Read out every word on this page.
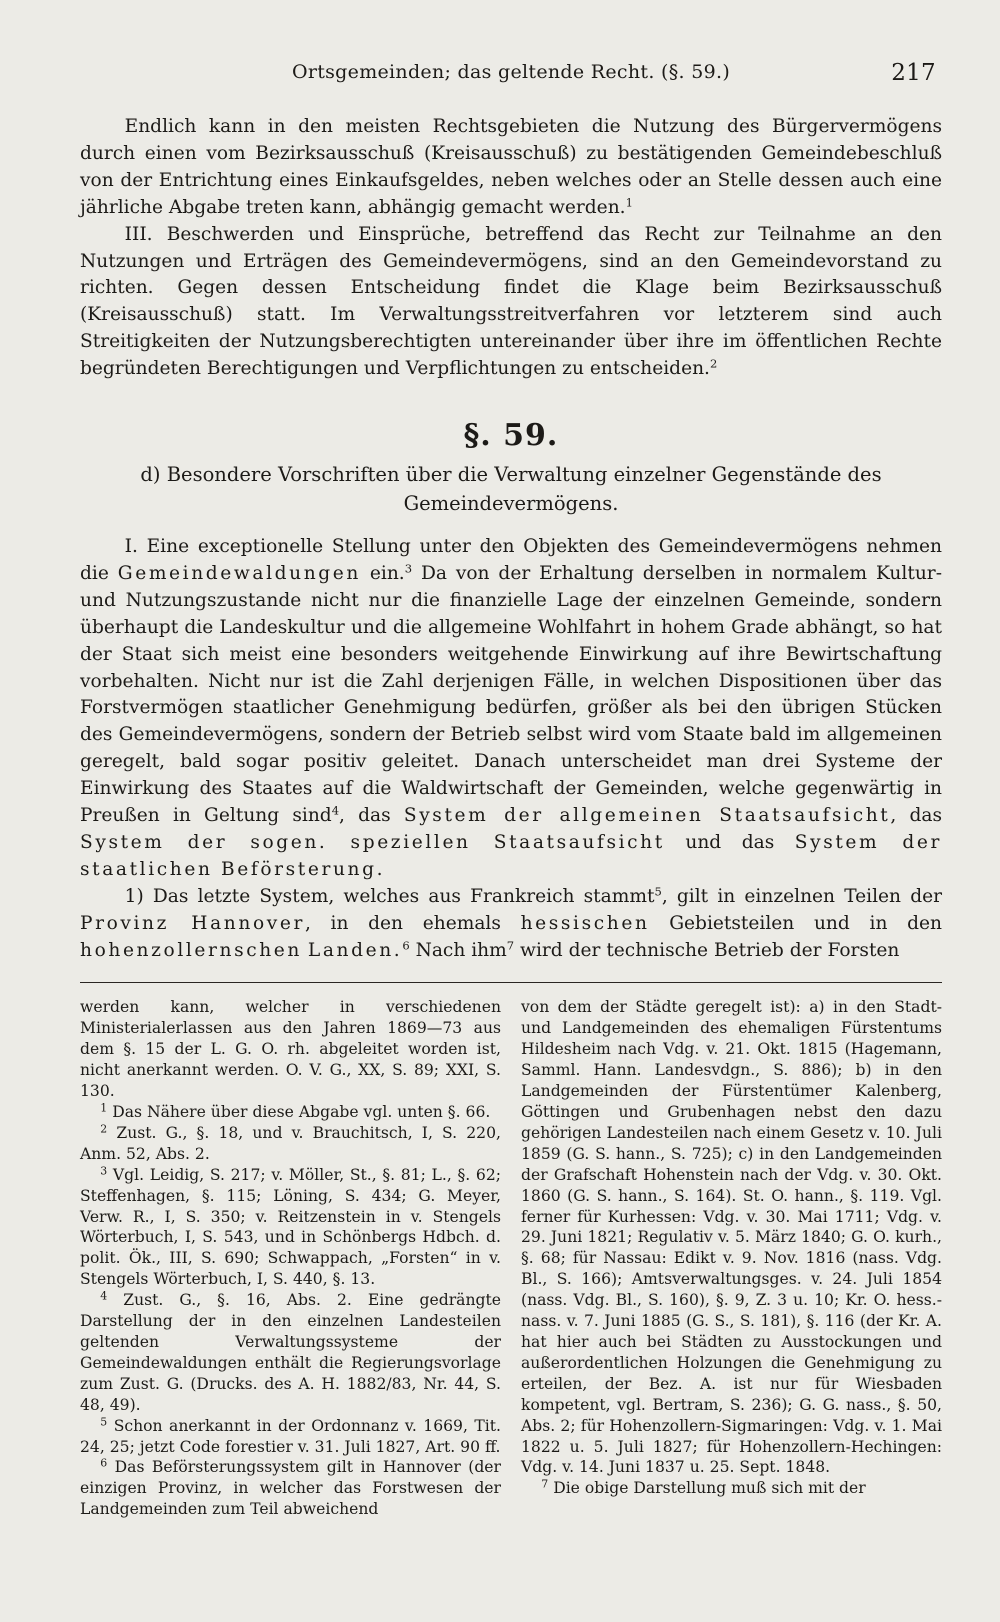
Ortsgemeinden; das geltende Recht. (§. 59.)	217

Endlich kann in den meisten Rechtsgebieten die Nutzung des Bürgervermögens durch einen vom Bezirksausschuß (Kreisausschuß) zu bestätigenden Gemeindebeschluß von der Entrichtung eines Einkaufsgeldes, neben welches oder an Stelle dessen auch eine jährliche Abgabe treten kann, abhängig gemacht werden.$^1$

III. Beschwerden und Einsprüche, betreffend das Recht zur Teilnahme an den Nutzungen und Erträgen des Gemeindevermögens, sind an den Gemeindevorstand zu richten. Gegen dessen Entscheidung findet die Klage beim Bezirksausschuß (Kreisausschuß) statt. Im Verwaltungsstreitverfahren vor letzterem sind auch Streitigkeiten der Nutzungsberechtigten untereinander über ihre im öffentlichen Rechte begründeten Berechtigungen und Verpflichtungen zu entscheiden.$^2$

§. 59.
d) Besondere Vorschriften über die Verwaltung einzelner Gegenstände des Gemeindevermögens.

I. Eine exceptionelle Stellung unter den Objekten des Gemeindevermögens nehmen die Gemeindewaldungen ein.$^3$ Da von der Erhaltung derselben in normalem Kultur- und Nutzungszustande nicht nur die finanzielle Lage der einzelnen Gemeinde, sondern überhaupt die Landeskultur und die allgemeine Wohlfahrt in hohem Grade abhängt, so hat der Staat sich meist eine besonders weitgehende Einwirkung auf ihre Bewirtschaftung vorbehalten. Nicht nur ist die Zahl derjenigen Fälle, in welchen Dispositionen über das Forstvermögen staatlicher Genehmigung bedürfen, größer als bei den übrigen Stücken des Gemeindevermögens, sondern der Betrieb selbst wird vom Staate bald im allgemeinen geregelt, bald sogar positiv geleitet. Danach unterscheidet man drei Systeme der Einwirkung des Staates auf die Waldwirtschaft der Gemeinden, welche gegenwärtig in Preußen in Geltung sind$^4$, das System der allgemeinen Staatsaufsicht, das System der sogen. speziellen Staatsaufsicht und das System der staatlichen Beförsterung.

1) Das letzte System, welches aus Frankreich stammt$^5$, gilt in einzelnen Teilen der Provinz Hannover, in den ehemals hessischen Gebietsteilen und in den hohenzollernschen Landen.$^6$ Nach ihm$^7$ wird der technische Betrieb der Forsten

werden kann, welcher in verschiedenen Ministerialerlassen aus den Jahren 1869—73 aus dem §. 15 der L. G. O. rh. abgeleitet worden ist, nicht anerkannt werden. O. V. G., XX, S. 89; XXI, S. 130.

$^1$ Das Nähere über diese Abgabe vgl. unten §. 66.

$^2$ Zust. G., §. 18, und v. Brauchitsch, I, S. 220, Anm. 52, Abs. 2.

$^3$ Vgl. Leidig, S. 217; v. Möller, St., §. 81; L., §. 62; Steffenhagen, §. 115; Löning, S. 434; G. Meyer, Verw. R., I, S. 350; v. Reitzenstein in v. Stengels Wörterbuch, I, S. 543, und in Schönbergs Hdbch. d. polit. Ök., III, S. 690; Schwappach, „Forsten“ in v. Stengels Wörterbuch, I, S. 440, §. 13.

$^4$ Zust. G., §. 16, Abs. 2. Eine gedrängte Darstellung der in den einzelnen Landesteilen geltenden Verwaltungssysteme der Gemeindewaldungen enthält die Regierungsvorlage zum Zust. G. (Drucks. des A. H. 1882/83, Nr. 44, S. 48, 49).

$^5$ Schon anerkannt in der Ordonnanz v. 1669, Tit. 24, 25; jetzt Code forestier v. 31. Juli 1827, Art. 90 ff.

$^6$ Das Beförsterungssystem gilt in Hannover (der einzigen Provinz, in welcher das Forstwesen der Landgemeinden zum Teil abweichend

von dem der Städte geregelt ist): a) in den Stadt- und Landgemeinden des ehemaligen Fürstentums Hildesheim nach Vdg. v. 21. Okt. 1815 (Hagemann, Samml. Hann. Landesvdgn., S. 886); b) in den Landgemeinden der Fürstentümer Kalenberg, Göttingen und Grubenhagen nebst den dazu gehörigen Landesteilen nach einem Gesetz v. 10. Juli 1859 (G. S. hann., S. 725); c) in den Landgemeinden der Grafschaft Hohenstein nach der Vdg. v. 30. Okt. 1860 (G. S. hann., S. 164). St. O. hann., §. 119. Vgl. ferner für Kurhessen: Vdg. v. 30. Mai 1711; Vdg. v. 29. Juni 1821; Regulativ v. 5. März 1840; G. O. kurh., §. 68; für Nassau: Edikt v. 9. Nov. 1816 (nass. Vdg. Bl., S. 166); Amtsverwaltungsges. v. 24. Juli 1854 (nass. Vdg. Bl., S. 160), §. 9, Z. 3 u. 10; Kr. O. hess.-nass. v. 7. Juni 1885 (G. S., S. 181), §. 116 (der Kr. A. hat hier auch bei Städten zu Ausstockungen und außerordentlichen Holzungen die Genehmigung zu erteilen, der Bez. A. ist nur für Wiesbaden kompetent, vgl. Bertram, S. 236); G. G. nass., §. 50, Abs. 2; für Hohenzollern-Sigmaringen: Vdg. v. 1. Mai 1822 u. 5. Juli 1827; für Hohenzollern-Hechingen: Vdg. v. 14. Juni 1837 u. 25. Sept. 1848.

$^7$ Die obige Darstellung muß sich mit der
